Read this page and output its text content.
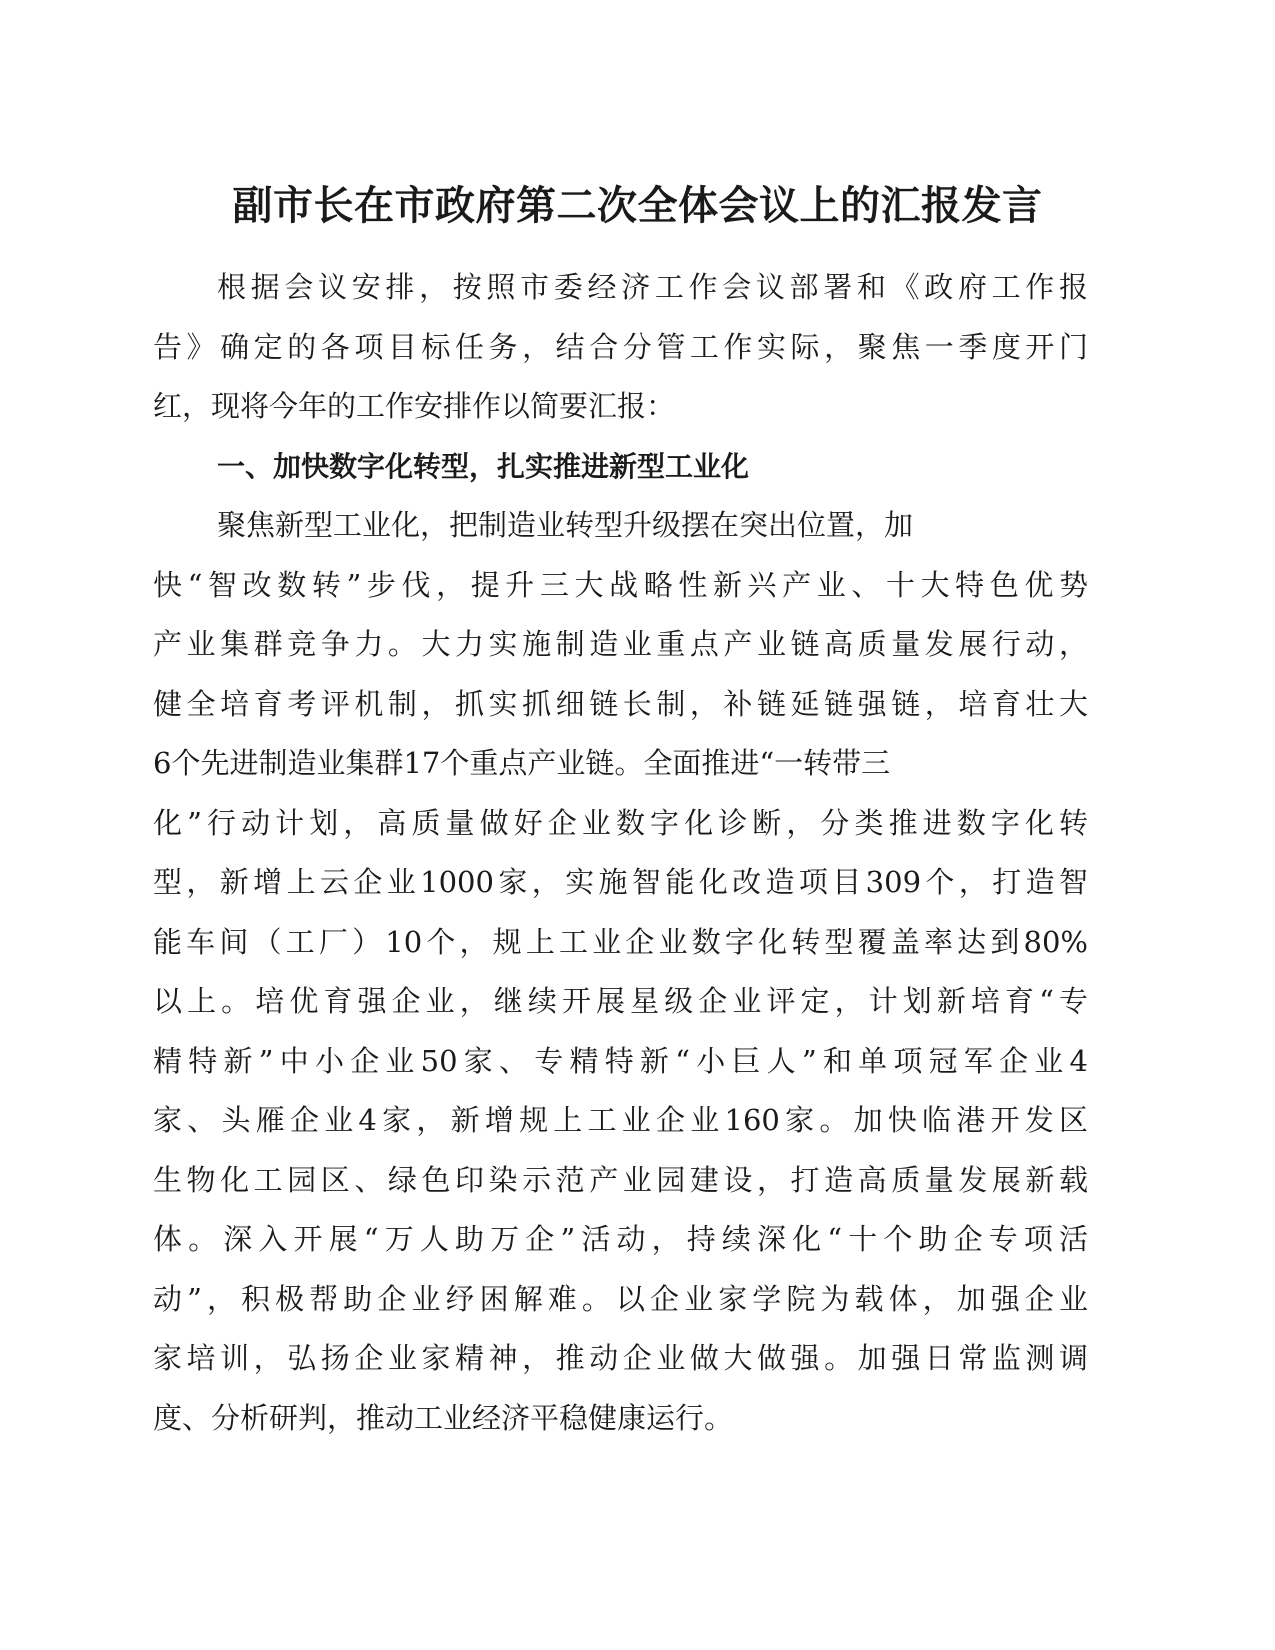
副市长在市政府第二次全体会议上的汇报发言
根据会议安排，按照市委经济工作会议部署和《政府工作报
告》确定的各项目标任务，结合分管工作实际，聚焦一季度开门
红，现将今年的工作安排作以简要汇报：
一、加快数字化转型，扎实推进新型工业化
聚焦新型工业化，把制造业转型升级摆在突出位置，加
快“智改数转”步伐，提升三大战略性新兴产业、十大特色优势
产业集群竞争力。大力实施制造业重点产业链高质量发展行动，
健全培育考评机制，抓实抓细链长制，补链延链强链，培育壮大
6个先进制造业集群17个重点产业链。全面推进“一转带三
化”行动计划，高质量做好企业数字化诊断，分类推进数字化转
型，新增上云企业1000家，实施智能化改造项目309个，打造智
能车间（工厂）10个，规上工业企业数字化转型覆盖率达到80%
以上。培优育强企业，继续开展星级企业评定，计划新培育“专
精特新”中小企业50家、专精特新“小巨人”和单项冠军企业4
家、头雁企业4家，新增规上工业企业160家。加快临港开发区
生物化工园区、绿色印染示范产业园建设，打造高质量发展新载
体。深入开展“万人助万企”活动，持续深化“十个助企专项活
动”，积极帮助企业纾困解难。以企业家学院为载体，加强企业
家培训，弘扬企业家精神，推动企业做大做强。加强日常监测调
度、分析研判，推动工业经济平稳健康运行。
